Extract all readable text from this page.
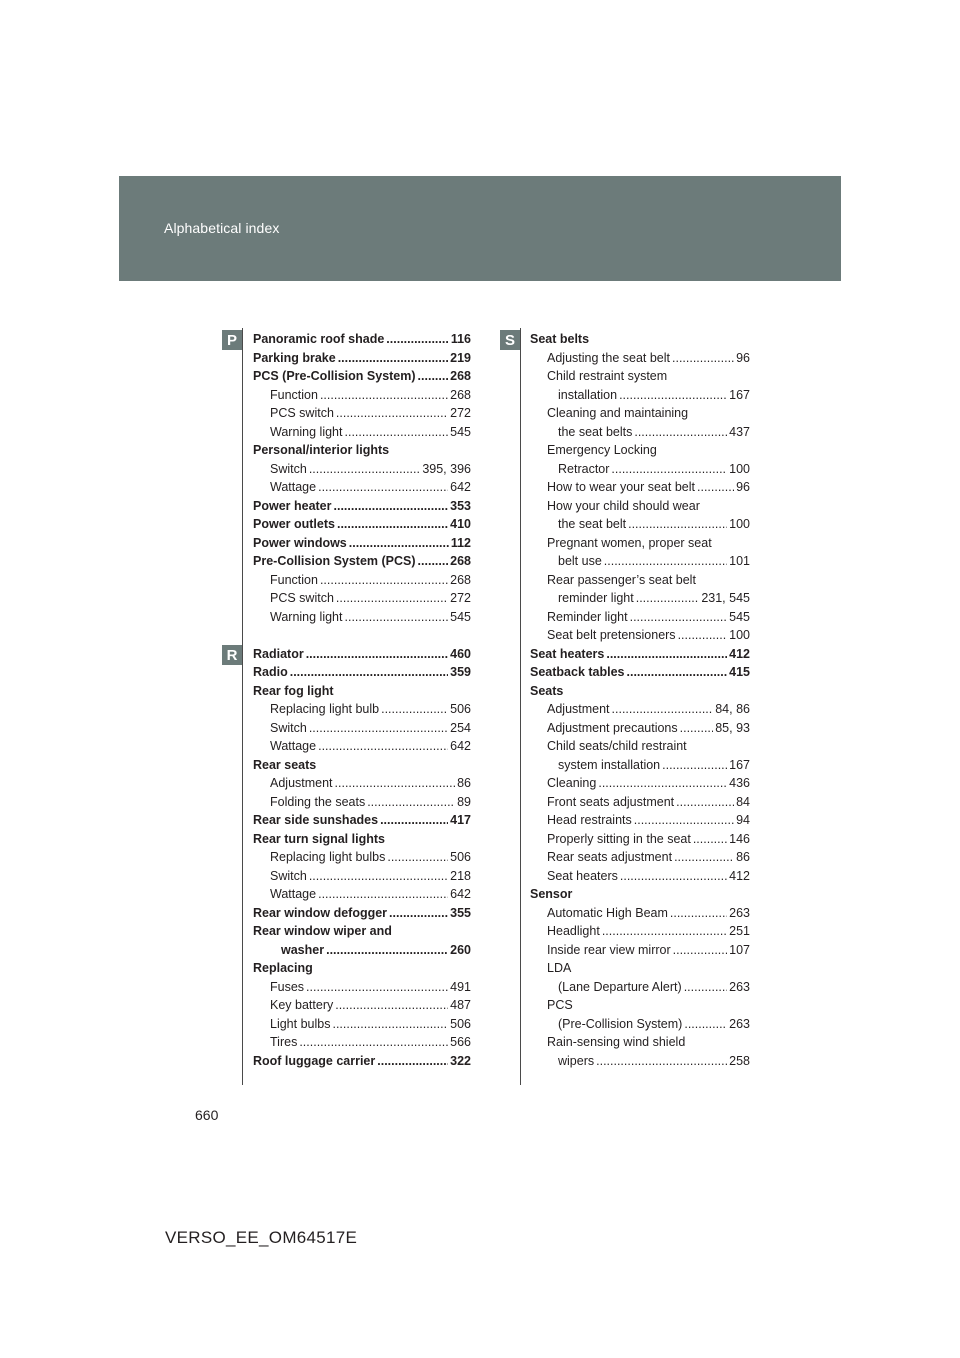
Alphabetical index
P
R
S
Panoramic roof shade .....	116
Parking brake .....	219
PCS (Pre-Collision System) .....	268
Function .....	268
PCS switch .....	272
Warning light .....	545
Personal/interior lights
Switch .....	395, 396
Wattage .....	642
Power heater .....	353
Power outlets .....	410
Power windows .....	112
Pre-Collision System (PCS) .....	268
Function .....	268
PCS switch .....	272
Warning light .....	545
Radiator .....	460
Radio .....	359
Rear fog light
Replacing light bulb .....	506
Switch .....	254
Wattage .....	642
Rear seats
Adjustment .....	86
Folding the seats .....	89
Rear side sunshades .....	417
Rear turn signal lights
Replacing light bulbs .....	506
Switch .....	218
Wattage .....	642
Rear window defogger .....	355
Rear window wiper and
washer .....	260
Replacing
Fuses .....	491
Key battery .....	487
Light bulbs .....	506
Tires .....	566
Roof luggage carrier .....	322
Seat belts
Adjusting the seat belt .....	96
Child restraint system
installation .....	167
Cleaning and maintaining
the seat belts .....	437
Emergency Locking
Retractor .....	100
How to wear your seat belt .....	96
How your child should wear
the seat belt .....	100
Pregnant women, proper seat
belt use .....	101
Rear passenger’s seat belt
reminder light .....	231, 545
Reminder light .....	545
Seat belt pretensioners .....	100
Seat heaters .....	412
Seatback tables .....	415
Seats
Adjustment .....	84, 86
Adjustment precautions .....	85, 93
Child seats/child restraint
system installation .....	167
Cleaning .....	436
Front seats adjustment .....	84
Head restraints .....	94
Properly sitting in the seat .....	146
Rear seats adjustment .....	86
Seat heaters .....	412
Sensor
Automatic High Beam .....	263
Headlight .....	251
Inside rear view mirror .....	107
LDA
(Lane Departure Alert) .....	263
PCS
(Pre-Collision System) .....	263
Rain-sensing wind shield
wipers .....	258
660
VERSO_EE_OM64517E
